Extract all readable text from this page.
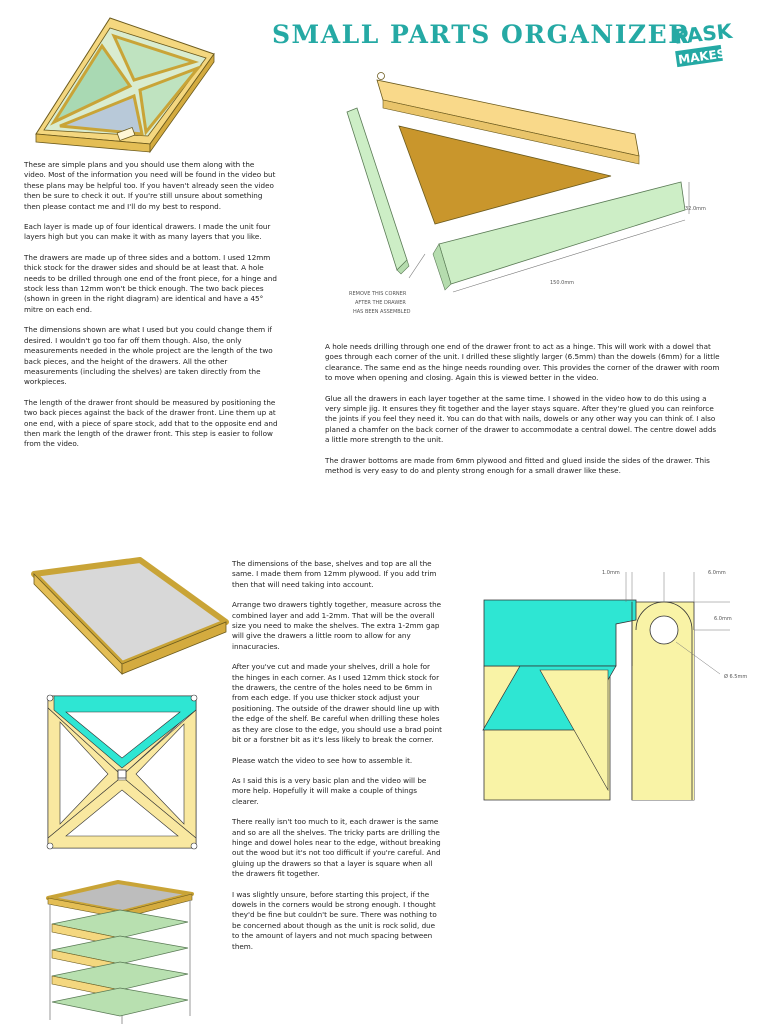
SMALL PARTS ORGANIZER
PASK
MAKES
32.0mm
150.0mm
REMOVE THIS CORNER
AFTER THE DRAWER
HAS BEEN ASSEMBLED

These are simple plans and you should use them along with the video. Most of the information you need will be found in the video but these plans may be helpful too. If you haven't already seen the video then be sure to check it out. If you're still unsure about something then please contact me and I'll do my best to respond.

Each layer is made up of four identical drawers. I made the unit four layers high but you can make it with as many layers that you like.

The drawers are made up of three sides and a bottom. I used 12mm thick stock for the drawer sides and should be at least that. A hole needs to be drilled through one end of the front piece, for a hinge and stock less than 12mm won't be thick enough. The two back pieces (shown in green in the right diagram) are identical and have a 45° mitre on each end.

The dimensions shown are what I used but you could change them if desired. I wouldn't go too far off them though. Also, the only measurements needed in the whole project are the length of the two back pieces, and the height of the drawers. All the other measurements (including the shelves) are taken directly from the workpieces.

The length of the drawer front should be measured by positioning the two back pieces against the back of the drawer front. Line them up at one end, with a piece of spare stock, add that to the opposite end and then mark the length of the drawer front. This step is easier to follow from the video.

A hole needs drilling through one end of the drawer front to act as a hinge. This will work with a dowel that goes through each corner of the unit. I drilled these slightly larger (6.5mm) than the dowels (6mm) for a little clearance. The same end as the hinge needs rounding over. This provides the corner of the drawer with room to move when opening and closing. Again this is viewed better in the video.

Glue all the drawers in each layer together at the same time. I showed in the video how to do this using a very simple jig. It ensures they fit together and the layer stays square. After they're glued you can reinforce the joints if you feel they need it. You can do that with nails, dowels or any other way you can think of. I also planed a chamfer on the back corner of the drawer to accommodate a central dowel. The centre dowel adds a little more strength to the unit.

The drawer bottoms are made from 6mm plywood and fitted and glued inside the sides of the drawer. This method is very easy to do and plenty strong enough for a small drawer like these.

The dimensions of the base, shelves and top are all the same. I made them from 12mm plywood. If you add trim then that will need taking into account.

Arrange two drawers tightly together, measure across the combined layer and add 1-2mm. That will be the overall size you need to make the shelves. The extra 1-2mm gap will give the drawers a little room to allow for any innacuracies.

After you've cut and made your shelves, drill a hole for the hinges in each corner. As I used 12mm thick stock for the drawers, the centre of the holes need to be 6mm in from each edge. If you use thicker stock adjust your positioning. The outside of the drawer should line up with the edge of the shelf. Be careful when drilling these holes as they are close to the edge, you should use a brad point bit or a forstner bit as it's less likely to break the corner.

Please watch the video to see how to assemble it.

As I said this is a very basic plan and the video will be more help. Hopefully it will make a couple of things clearer.

There really isn't too much to it, each drawer is the same and so are all the shelves. The tricky parts are drilling the hinge and dowel holes near to the edge, without breaking out the wood but it's not too difficult if you're careful. And gluing up the drawers so that a layer is square when all the drawers fit together.

I was slightly unsure, before starting this project, if the dowels in the corners would be strong enough. I thought they'd be fine but couldn't be sure. There was nothing to be concerned about though as the unit is rock solid, due to the amount of layers and not much spacing between them.

1.0mm	6.0mm
6.0mm
Ø 6.5mm
